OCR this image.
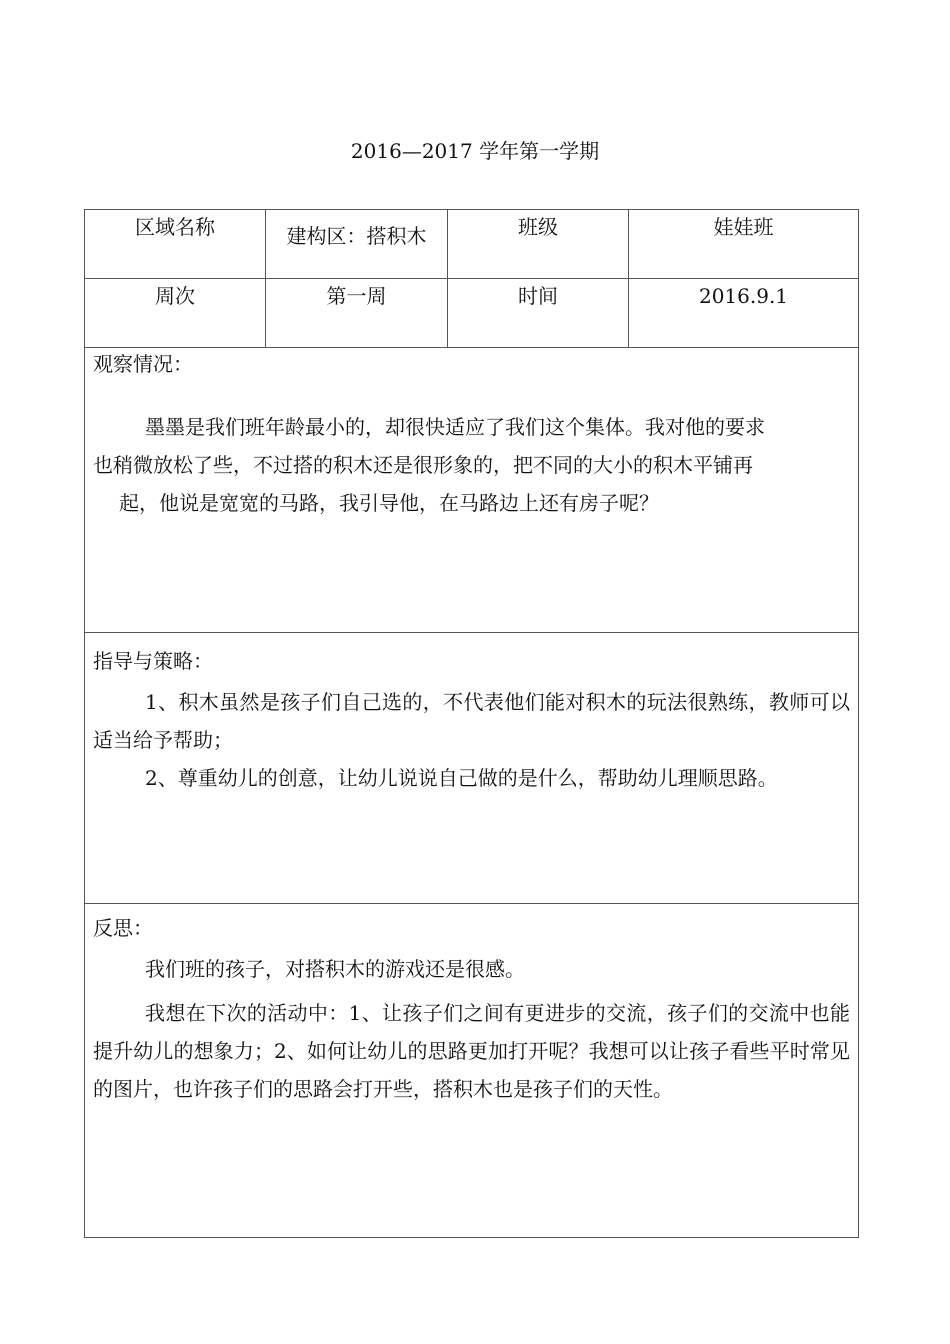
2016—2017 学年第一学期
区域名称	建构区：搭积木	班级	娃娃班

周次	第一周	时间	2016.9.1

观察情况：

墨墨是我们班年龄最小的，却很快适应了我们这个集体。我对他的要求

也稍微放松了些，不过搭的积木还是很形象的，把不同的大小的积木平铺再

起，他说是宽宽的马路，我引导他，在马路边上还有房子呢？			

指导与策略：

1、积木虽然是孩子们自己选的，不代表他们能对积木的玩法很熟练，教师可以适当给予帮助；

2、尊重幼儿的创意，让幼儿说说自己做的是什么，帮助幼儿理顺思路。			

反思：

我们班的孩子，对搭积木的游戏还是很感。

我想在下次的活动中：1、让孩子们之间有更进步的交流，孩子们的交流中也能提升幼儿的想象力；2、如何让幼儿的思路更加打开呢？我想可以让孩子看些平时常见的图片，也许孩子们的思路会打开些，搭积木也是孩子们的天性。			
